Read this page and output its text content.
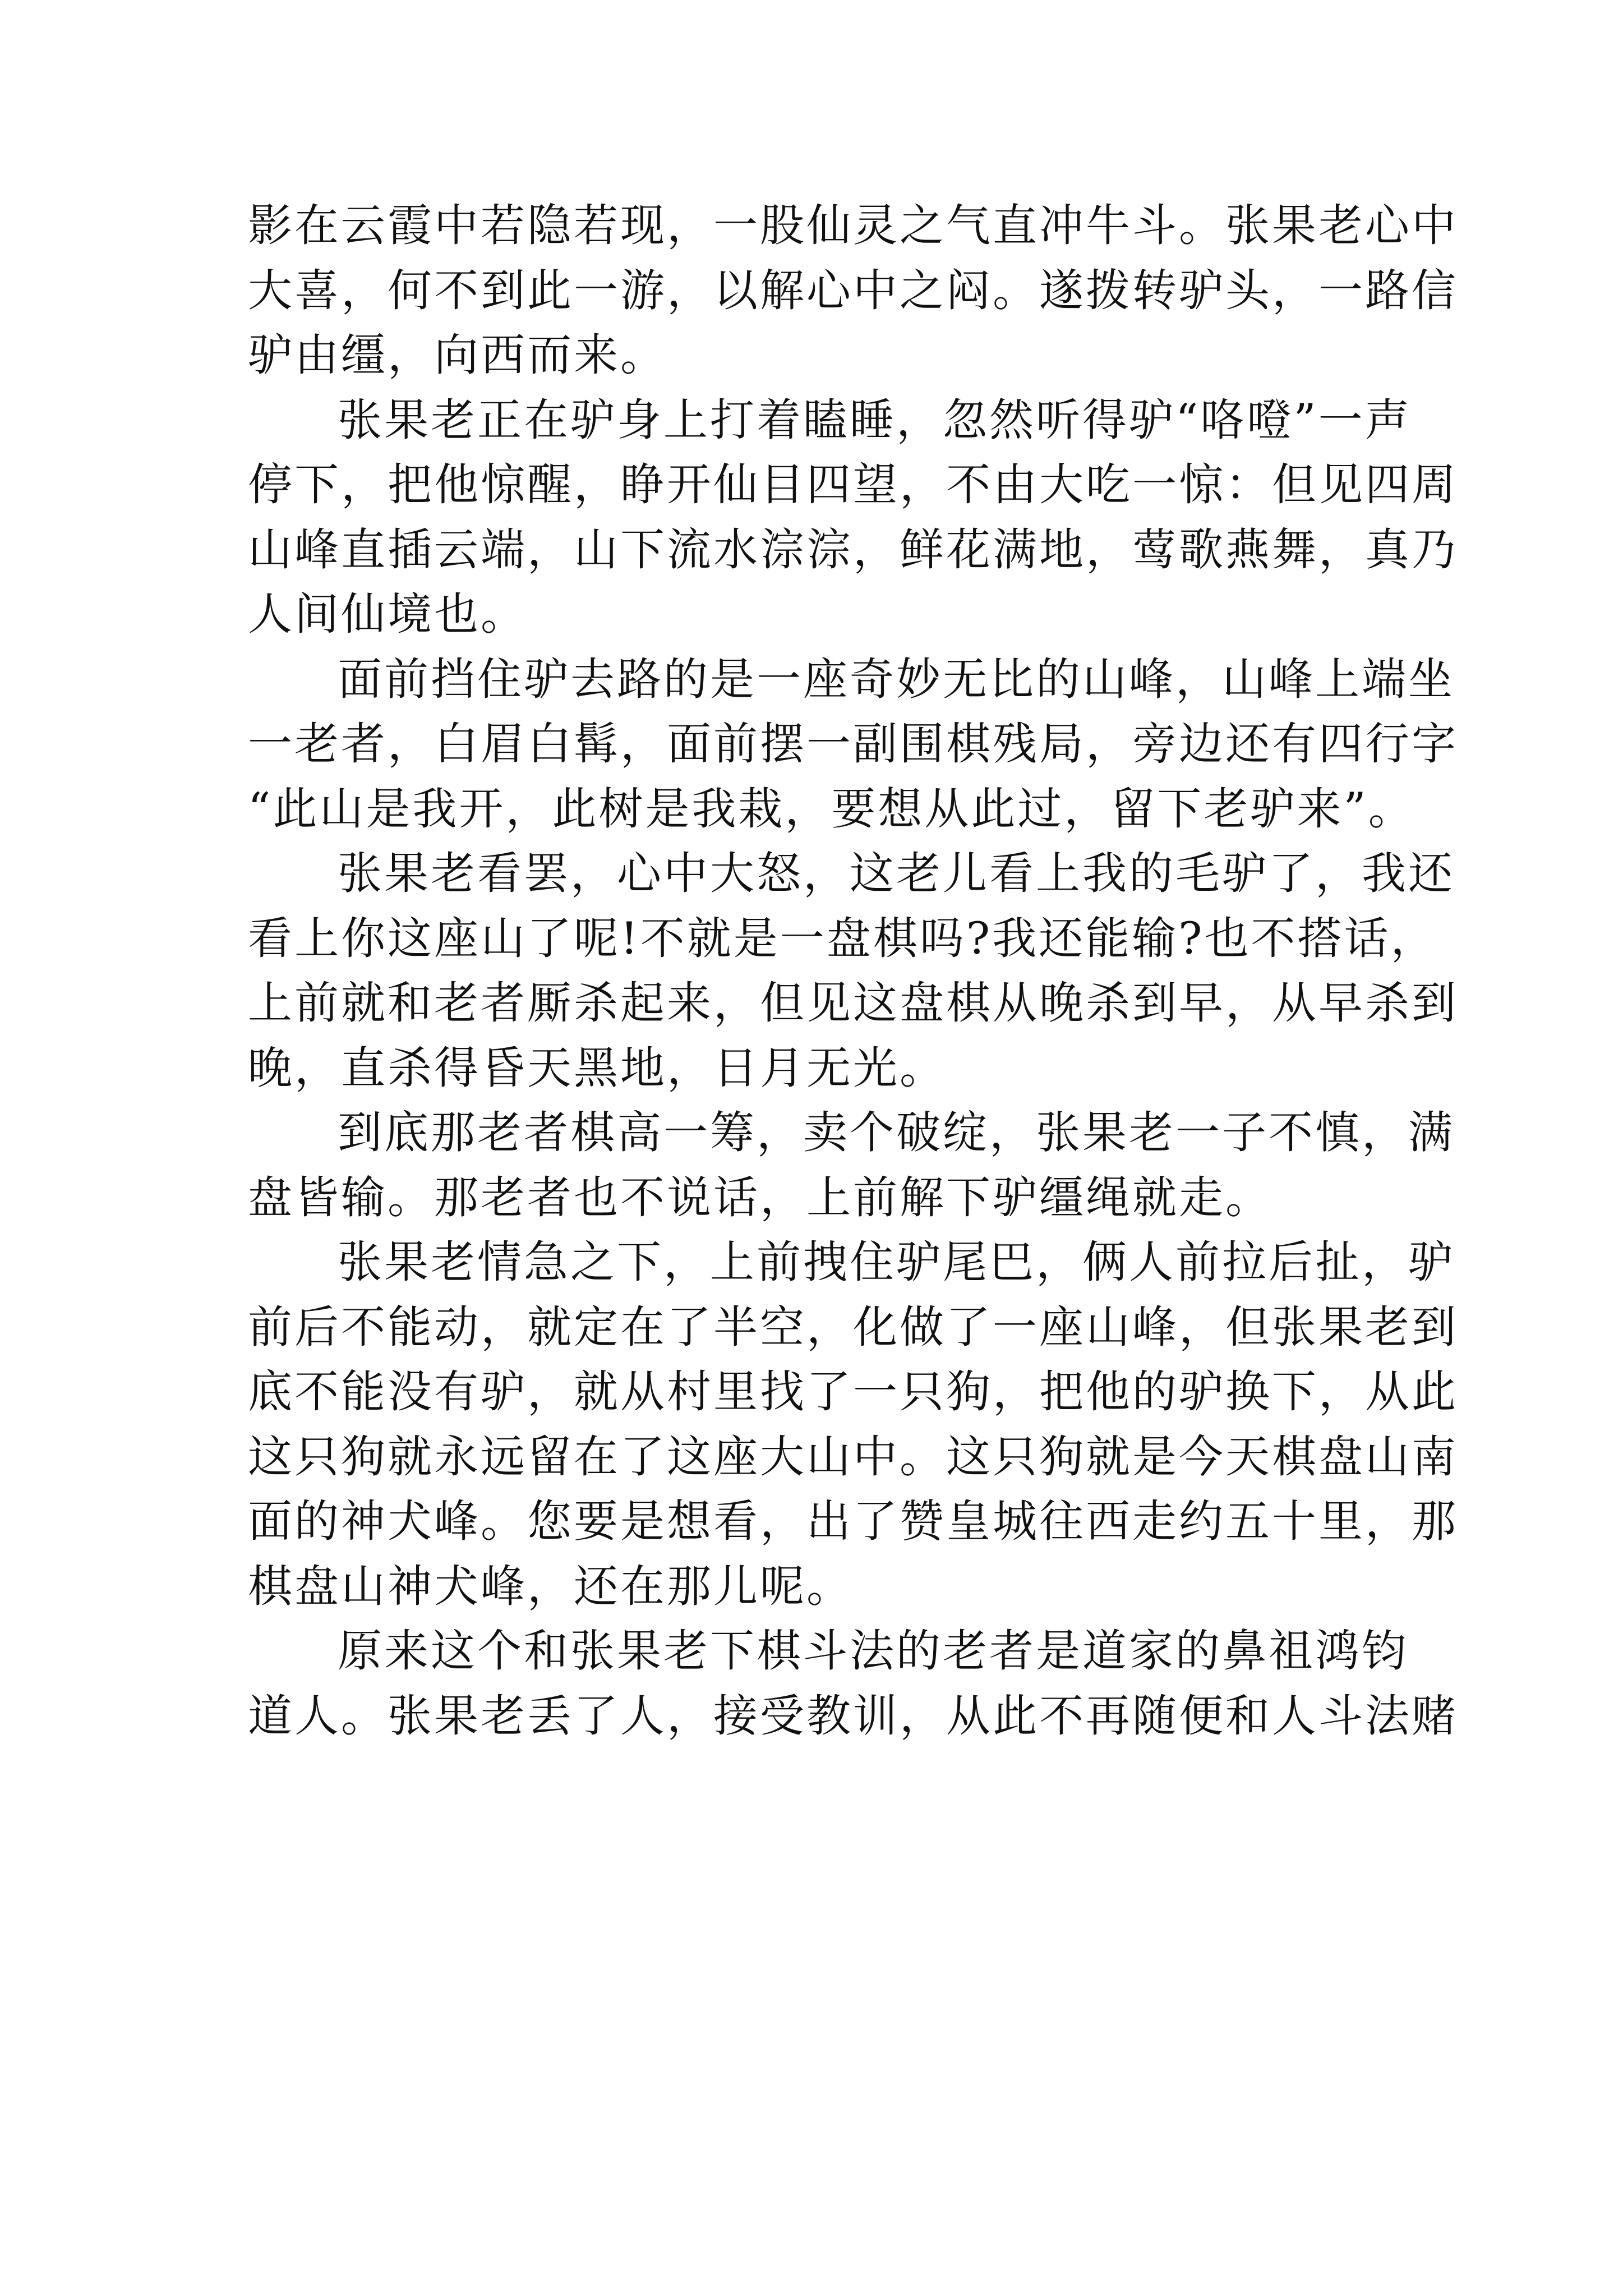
影在云霞中若隐若现，一股仙灵之气直冲牛斗。张果老心中
大喜，何不到此一游，以解心中之闷。遂拨转驴头，一路信
驴由缰，向西而来。
张果老正在驴身上打着瞌睡，忽然听得驴“咯噔”一声
停下，把他惊醒，睁开仙目四望，不由大吃一惊：但见四周
山峰直插云端，山下流水淙淙，鲜花满地，莺歌燕舞，真乃
人间仙境也。
面前挡住驴去路的是一座奇妙无比的山峰，山峰上端坐
一老者，白眉白髯，面前摆一副围棋残局，旁边还有四行字
“此山是我开，此树是我栽，要想从此过，留下老驴来”。
张果老看罢，心中大怒，这老儿看上我的毛驴了，我还
看上你这座山了呢!不就是一盘棋吗?我还能输?也不搭话，
上前就和老者厮杀起来，但见这盘棋从晚杀到早，从早杀到
晚，直杀得昏天黑地，日月无光。
到底那老者棋高一筹，卖个破绽，张果老一子不慎，满
盘皆输。那老者也不说话，上前解下驴缰绳就走。
张果老情急之下，上前拽住驴尾巴，俩人前拉后扯，驴
前后不能动，就定在了半空，化做了一座山峰，但张果老到
底不能没有驴，就从村里找了一只狗，把他的驴换下，从此
这只狗就永远留在了这座大山中。这只狗就是今天棋盘山南
面的神犬峰。您要是想看，出了赞皇城往西走约五十里，那
棋盘山神犬峰，还在那儿呢。
原来这个和张果老下棋斗法的老者是道家的鼻祖鸿钧
道人。张果老丢了人，接受教训，从此不再随便和人斗法赌
